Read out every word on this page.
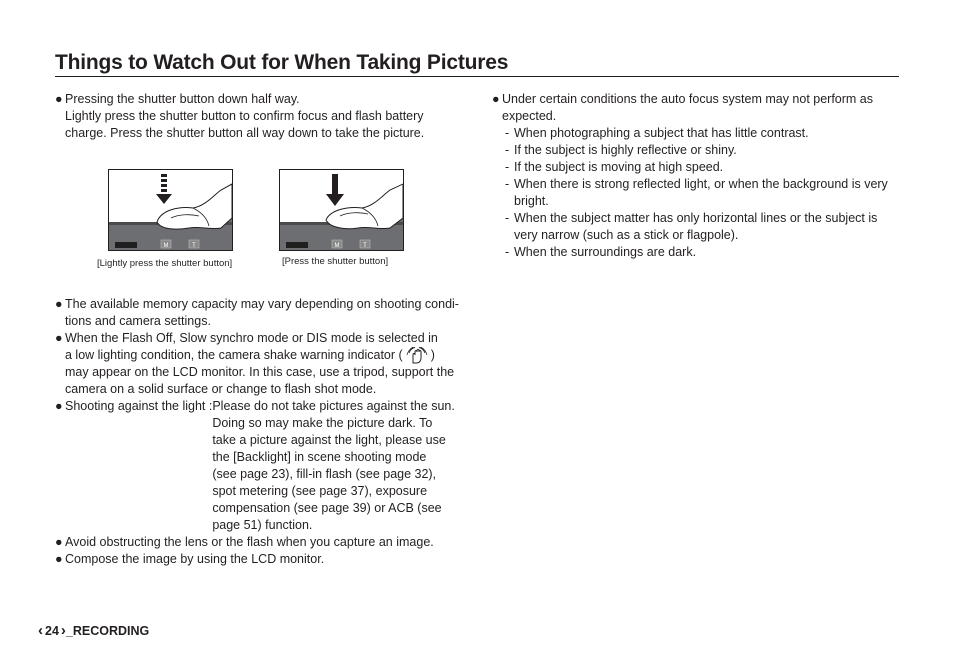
Things to Watch Out for When Taking Pictures
● Pressing the shutter button down half way.
Lightly press the shutter button to confirm focus and flash battery
charge. Press the shutter button all way down to take the picture.
M	T
[Lightly press the shutter button]
M	T
[Press the shutter button]
● The available memory capacity may vary depending on shooting condi-
tions and camera settings.
● When the Flash Off, Slow synchro mode or DIS mode is selected in
a low lighting condition, the camera shake warning indicator ( )
may appear on the LCD monitor. In this case, use a tripod, support the
camera on a solid surface or change to flash shot mode.
● Shooting against the light : Please do not take pictures against the sun.
Doing so may make the picture dark. To
take a picture against the light, please use
the [Backlight] in scene shooting mode
(see page 23), fill-in flash (see page 32),
spot metering (see page 37), exposure
compensation (see page 39) or ACB (see
page 51) function.
● Avoid obstructing the lens or the flash when you capture an image.
● Compose the image by using the LCD monitor.
● Under certain conditions the auto focus system may not perform as
expected.
- When photographing a subject that has little contrast.
- If the subject is highly reflective or shiny.
- If the subject is moving at high speed.
- When there is strong reflected light, or when the background is very
bright.
- When the subject matter has only horizontal lines or the subject is
very narrow (such as a stick or flagpole).
- When the surroundings are dark.
‹ 24 › _RECORDING
